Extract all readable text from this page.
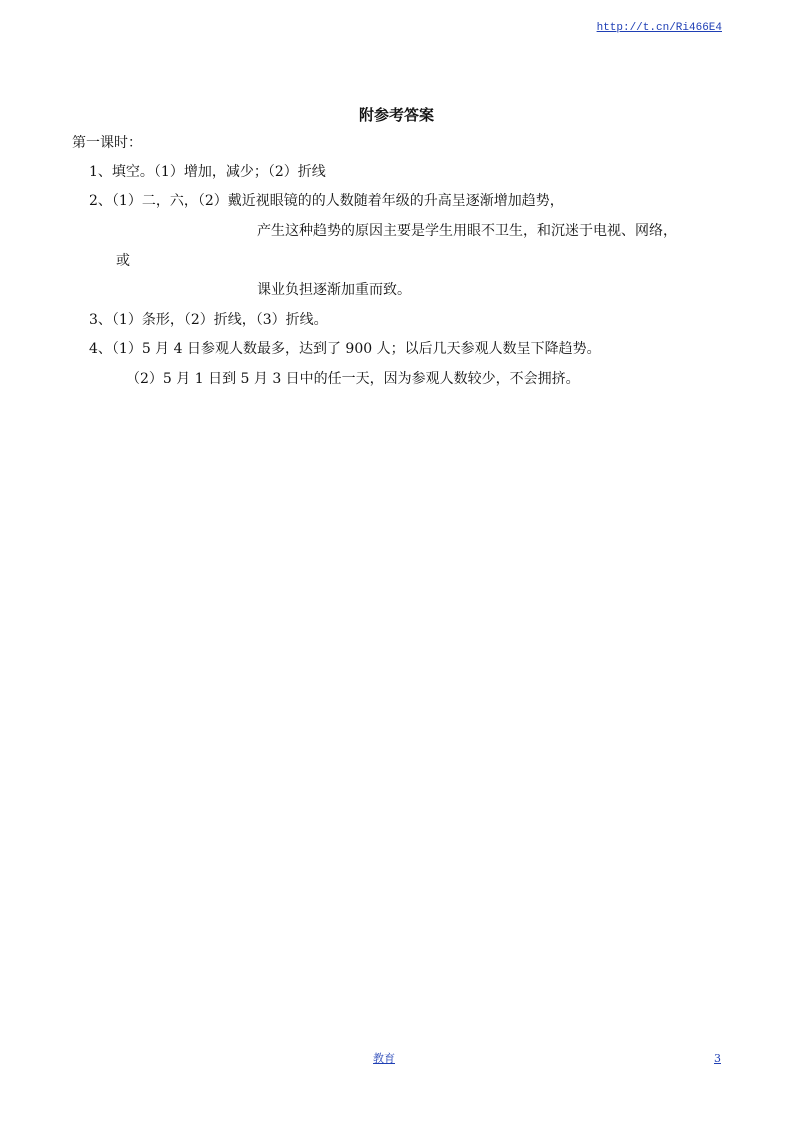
http://t.cn/Ri466E4
附参考答案
第一课时：
1、填空。（1）增加，减少；（2）折线
2、（1）二，六，（2）戴近视眼镜的的人数随着年级的升高呈逐渐增加趋势，
产生这种趋势的原因主要是学生用眼不卫生，和沉迷于电视、网络，
或
课业负担逐渐加重而致。
3、（1）条形，（2）折线，（3）折线。
4、（1）5 月 4 日参观人数最多，达到了 900 人；以后几天参观人数呈下降趋势。
（2）5 月 1 日到 5 月 3 日中的任一天，因为参观人数较少，不会拥挤。
教育	3
